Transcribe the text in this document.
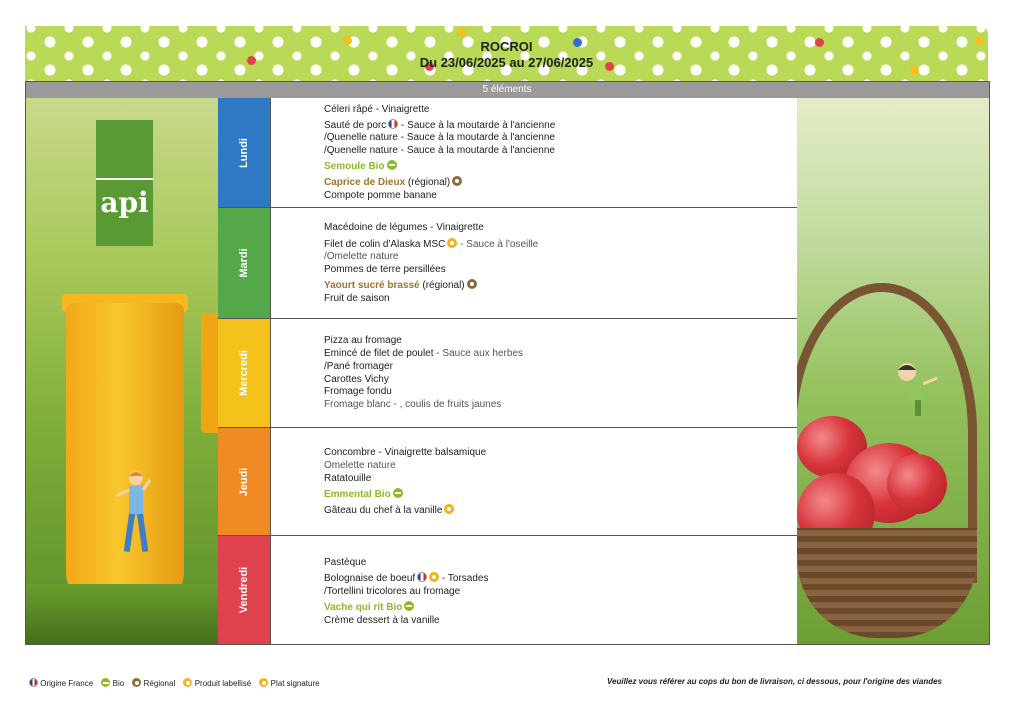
ROCROI
Du 23/06/2025 au 27/06/2025
5 éléments
api
Lundi
Céleri râpé - Vinaigrette
Sauté de porc - Sauce à la moutarde à l'ancienne
/Quenelle nature - Sauce à la moutarde à l'ancienne
/Quenelle nature - Sauce à la moutarde à l'ancienne
Semoule Bio
Caprice de Dieux (régional)
Compote pomme banane
Mardi
Macédoine de légumes - Vinaigrette
Filet de colin d'Alaska MSC - Sauce à l'oseille
/Omelette nature
Pommes de terre persillées
Yaourt sucré brassé (régional)
Fruit de saison
Mercredi
Pizza au fromage
Emincé de filet de poulet - Sauce aux herbes
/Pané fromager
Carottes Vichy
Fromage fondu
Fromage blanc - , coulis de fruits jaunes
Jeudi
Concombre - Vinaigrette balsamique
Omelette nature
Ratatouille
Emmental Bio
Gâteau du chef à la vanille
Vendredi
Pastèque
Bolognaise de boeuf - Torsades
/Tortellini tricolores au fromage
Vache qui rit Bio
Crème dessert à la vanille
Origine France Bio Régional Produit labellisé Plat signature	Veuillez vous référer au cops du bon de livraison, ci dessous, pour l'origine des viandes
